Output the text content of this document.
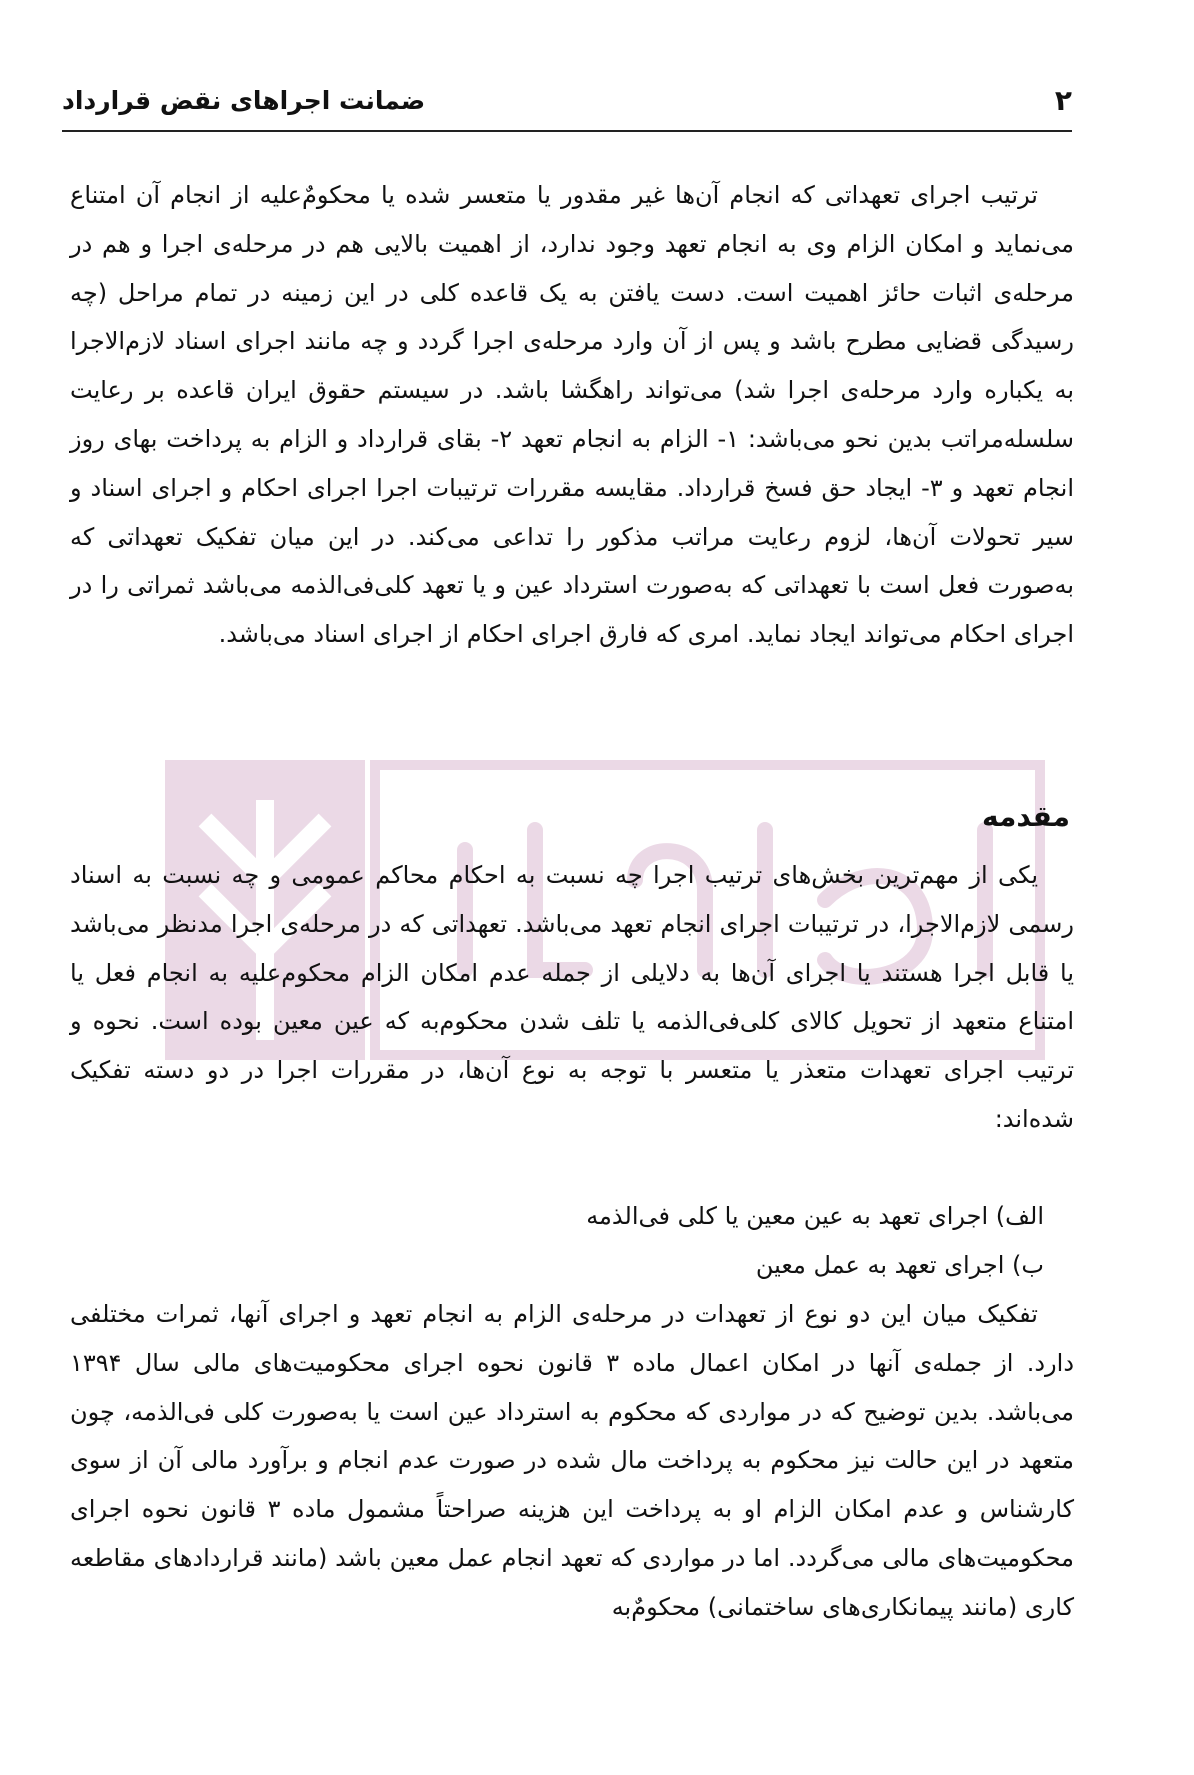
۲
ضمانت اجراهای نقض قرارداد

ترتیب اجرای تعهداتی که انجام آن‌ها غیر مقدور یا متعسر شده یا محکومٌ‌علیه از انجام آن امتناع می‌نماید و امکان الزام وی به انجام تعهد وجود ندارد، از اهمیت بالایی هم در مرحله‌ی اجرا و هم در مرحله‌ی اثبات حائز اهمیت است. دست یافتن به یک قاعده کلی در این زمینه در تمام مراحل (چه رسیدگی قضایی مطرح باشد و پس از آن وارد مرحله‌ی اجرا گردد و چه مانند اجرای اسناد لازم‌الاجرا به یکباره وارد مرحله‌ی اجرا شد) می‌تواند راهگشا باشد. در سیستم حقوق ایران قاعده بر رعایت سلسله‌مراتب بدین نحو می‌باشد: ۱- الزام به انجام تعهد ۲- بقای قرارداد و الزام به پرداخت بهای روز انجام تعهد و ۳- ایجاد حق فسخ قرارداد. مقایسه مقررات ترتیبات اجرا اجرای احکام و اجرای اسناد و سیر تحولات آن‌ها، لزوم رعایت مراتب مذکور را تداعی می‌کند. در این میان تفکیک تعهداتی که به‌صورت فعل است با تعهداتی که به‌صورت استرداد عین و یا تعهد کلی‌فی‌الذمه می‌باشد ثمراتی را در اجرای احکام می‌تواند ایجاد نماید. امری که فارق اجرای احکام از اجرای اسناد می‌باشد.

مقدمه

یکی از مهم‌ترین بخش‌های ترتیب اجرا چه نسبت به احکام محاکم عمومی و چه نسبت به اسناد رسمی لازم‌الاجرا، در ترتیبات اجرای انجام تعهد می‌باشد. تعهداتی که در مرحله‌ی اجرا مدنظر می‌باشد یا قابل اجرا هستند یا اجرای آن‌ها به دلایلی از جمله عدم امکان الزام محکوم‌علیه به انجام فعل یا امتناع متعهد از تحویل کالای کلی‌فی‌الذمه یا تلف شدن محکوم‌به که عین معین بوده است. نحوه و ترتیب اجرای تعهدات متعذر یا متعسر با توجه به نوع آن‌ها، در مقررات اجرا در دو دسته تفکیک شده‌اند:

الف) اجرای تعهد به عین معین یا کلی فی‌الذمه

ب) اجرای تعهد به عمل معین

تفکیک میان این دو نوع از تعهدات در مرحله‌ی الزام به انجام تعهد و اجرای آنها، ثمرات مختلفی دارد. از جمله‌ی آنها در امکان اعمال ماده ۳ قانون نحوه اجرای محکومیت‌های مالی سال ۱۳۹۴ می‌باشد. بدین توضیح که در مواردی که محکوم به استرداد عین است یا به‌صورت کلی فی‌الذمه، چون متعهد در این حالت نیز محکوم به پرداخت مال شده در صورت عدم انجام و برآورد مالی آن از سوی کارشناس و عدم امکان الزام او به پرداخت این هزینه صراحتاً مشمول ماده ۳ قانون نحوه اجرای محکومیت‌های مالی می‌گردد. اما در مواردی که تعهد انجام عمل معین باشد (مانند قراردادهای مقاطعه کاری (مانند پیمانکاری‌های ساختمانی) محکومٌ‌به
